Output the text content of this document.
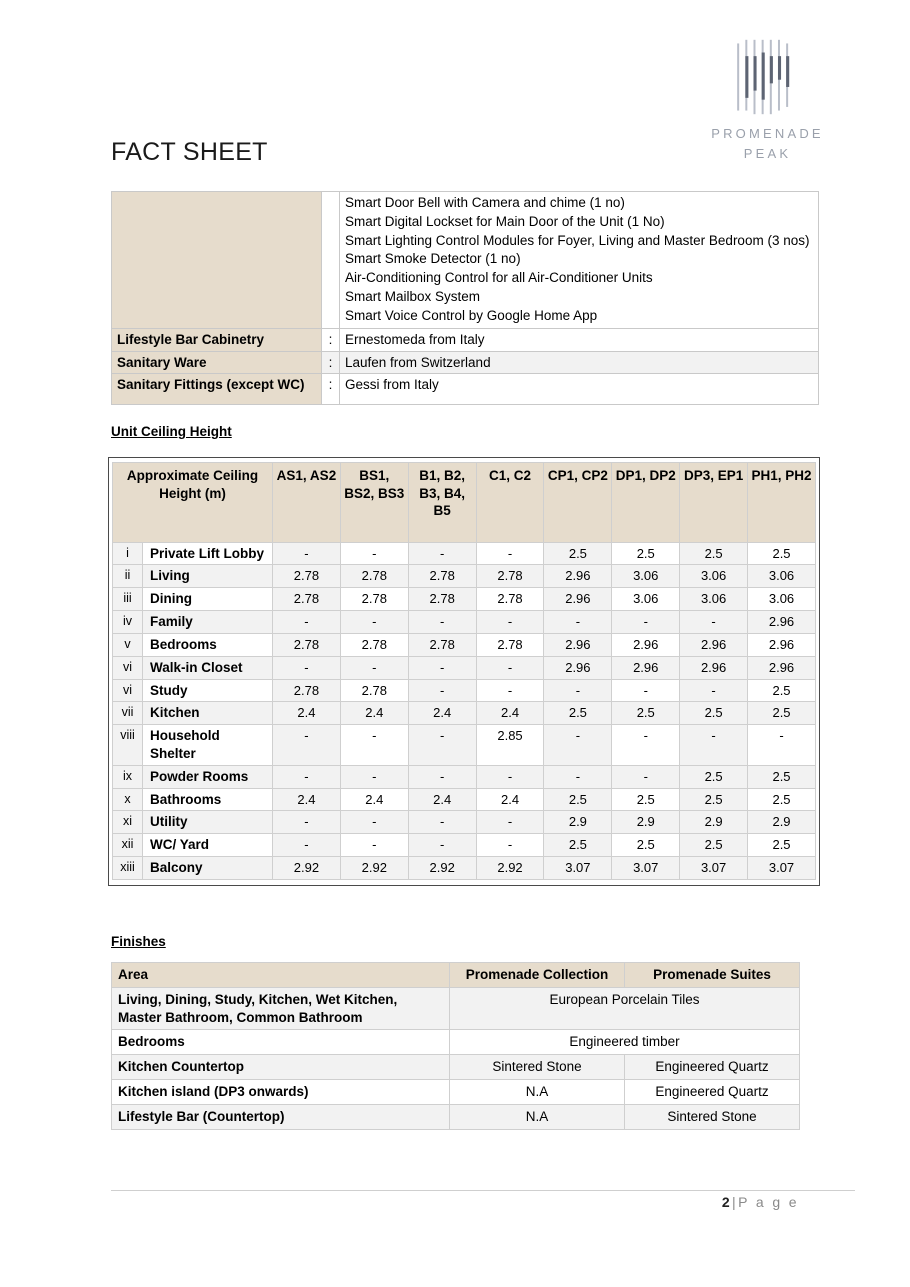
PROMENADE
PEAK
FACT SHEET

Smart Door Bell with Camera and chime (1 no)
Smart Digital Lockset for Main Door of the Unit (1 No)
Smart Lighting Control Modules for Foyer, Living and Master Bedroom (3 nos)
Smart Smoke Detector (1 no)
Air-Conditioning Control for all Air-Conditioner Units
Smart Mailbox System
Smart Voice Control by Google Home App

Lifestyle Bar Cabinetry	:	Ernestomeda from Italy
Sanitary Ware	:	Laufen from Switzerland
Sanitary Fittings (except WC)	:	Gessi from Italy
Unit Ceiling Height
Approximate Ceiling Height (m)		AS1, AS2	BS1, BS2, BS3	B1, B2, B3, B4, B5	C1, C2	CP1, CP2	DP1, DP2	DP3, EP1	PH1, PH2
i	Private Lift Lobby	-	-	-	-	2.5	2.5	2.5	2.5
ii	Living	2.78	2.78	2.78	2.78	2.96	3.06	3.06	3.06
iii	Dining	2.78	2.78	2.78	2.78	2.96	3.06	3.06	3.06
iv	Family	-	-	-	-	-	-	-	2.96
v	Bedrooms	2.78	2.78	2.78	2.78	2.96	2.96	2.96	2.96
vi	Walk-in Closet	-	-	-	-	2.96	2.96	2.96	2.96
vi	Study	2.78	2.78	-	-	-	-	-	2.5
vii	Kitchen	2.4	2.4	2.4	2.4	2.5	2.5	2.5	2.5
viii	Household Shelter	-	-	-	2.85	-	-	-	-
ix	Powder Rooms	-	-	-	-	-	-	2.5	2.5
x	Bathrooms	2.4	2.4	2.4	2.4	2.5	2.5	2.5	2.5
xi	Utility	-	-	-	-	2.9	2.9	2.9	2.9
xii	WC/ Yard	-	-	-	-	2.5	2.5	2.5	2.5
xiii	Balcony	2.92	2.92	2.92	2.92	3.07	3.07	3.07	3.07
Finishes
Area	Promenade Collection	Promenade Suites
Living, Dining, Study, Kitchen, Wet Kitchen, Master Bathroom, Common Bathroom	European Porcelain Tiles	
Bedrooms	Engineered timber	
Kitchen Countertop	Sintered Stone	Engineered Quartz
Kitchen island (DP3 onwards)	N.A	Engineered Quartz
Lifestyle Bar (Countertop)	N.A	Sintered Stone
2|P a g e
